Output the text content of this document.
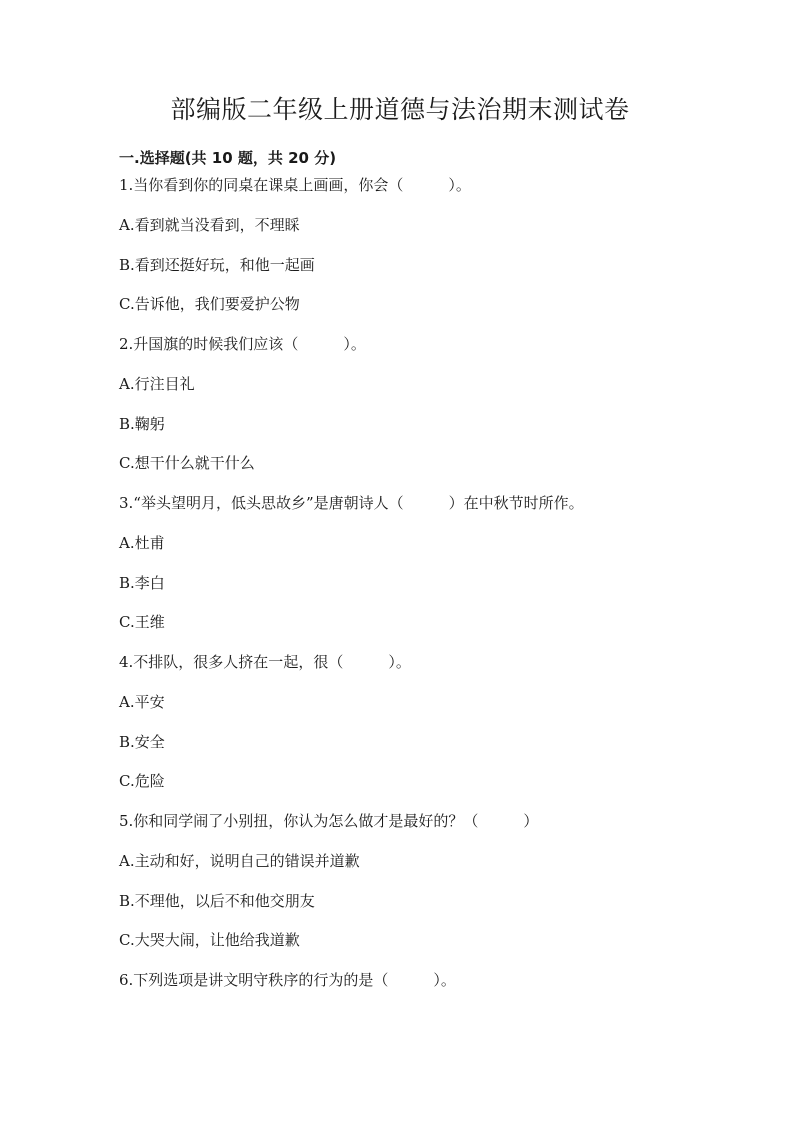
部编版二年级上册道德与法治期末测试卷
一.选择题(共 10 题，共 20 分)
1.当你看到你的同桌在课桌上画画，你会（　　　）。
A.看到就当没看到，不理睬
B.看到还挺好玩，和他一起画
C.告诉他，我们要爱护公物
2.升国旗的时候我们应该（　　　）。
A.行注目礼
B.鞠躬
C.想干什么就干什么
3.“举头望明月，低头思故乡”是唐朝诗人（　　　）在中秋节时所作。
A.杜甫
B.李白
C.王维
4.不排队，很多人挤在一起，很（　　　）。
A.平安
B.安全
C.危险
5.你和同学闹了小别扭，你认为怎么做才是最好的？（　　　）
A.主动和好，说明自己的错误并道歉
B.不理他，以后不和他交朋友
C.大哭大闹，让他给我道歉
6.下列选项是讲文明守秩序的行为的是（　　　）。
